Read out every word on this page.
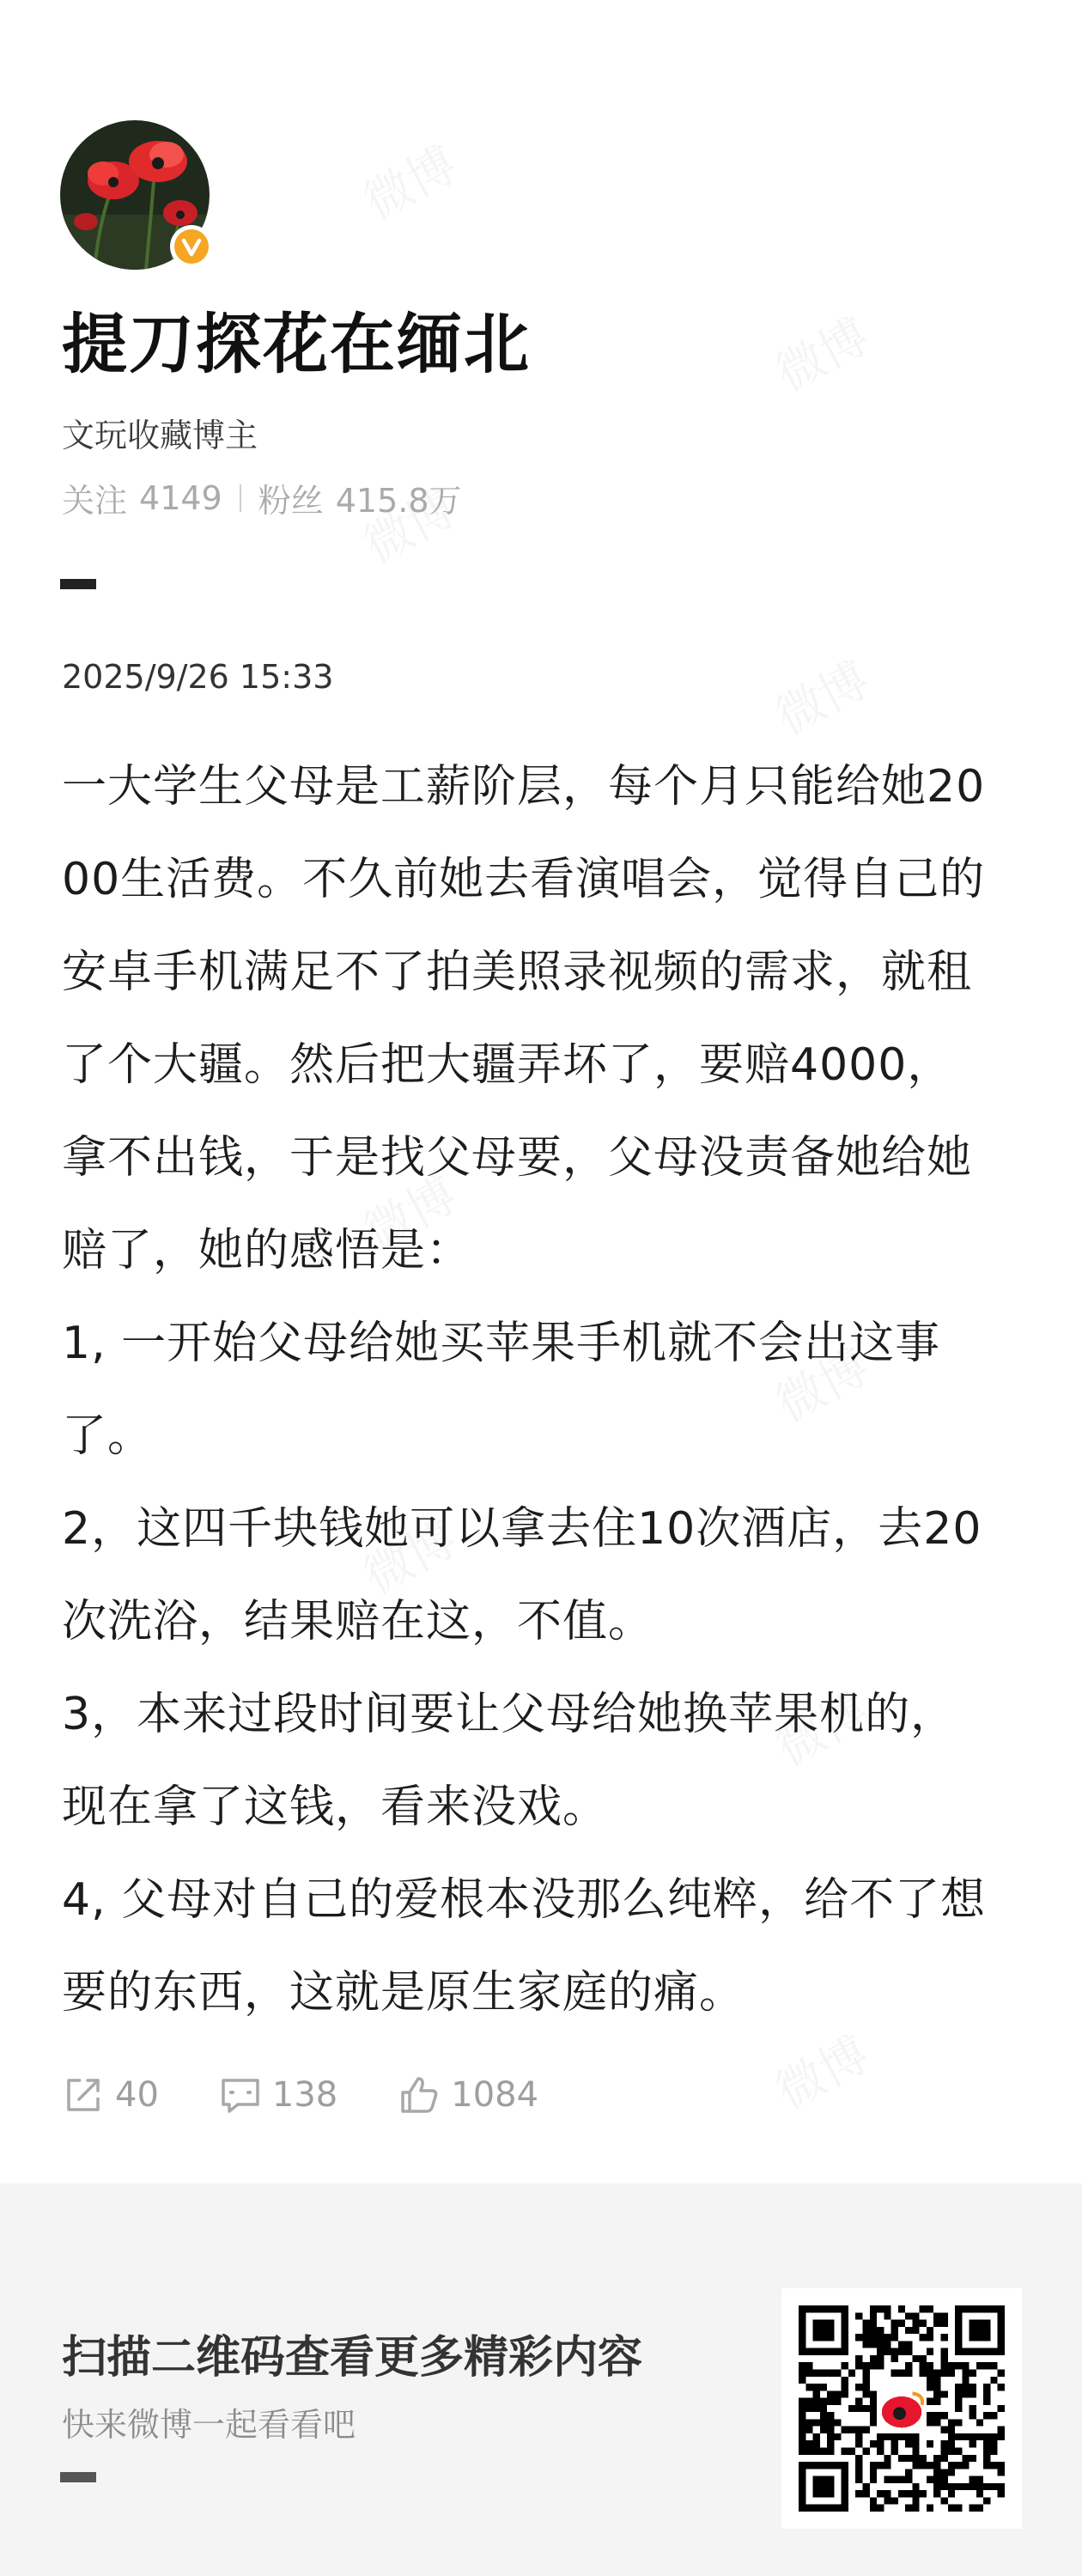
提刀探花在缅北
文玩收藏博主
关注 4149 粉丝 415.8万
2025/9/26 15:33

一大学生父母是工薪阶层，每个月只能给她2000生活费。不久前她去看演唱会，觉得自己的安卓手机满足不了拍美照录视频的需求，就租了个大疆。然后把大疆弄坏了，要赔4000，拿不出钱，于是找父母要，父母没责备她给她赔了，她的感悟是：

1, 一开始父母给她买苹果手机就不会出这事了。

2，这四千块钱她可以拿去住10次酒店，去20次洗浴，结果赔在这，不值。

3，本来过段时间要让父母给她换苹果机的，现在拿了这钱，看来没戏。

4, 父母对自己的爱根本没那么纯粹，给不了想要的东西，这就是原生家庭的痛。

40	138	1084
扫描二维码查看更多精彩内容
快来微博一起看看吧
